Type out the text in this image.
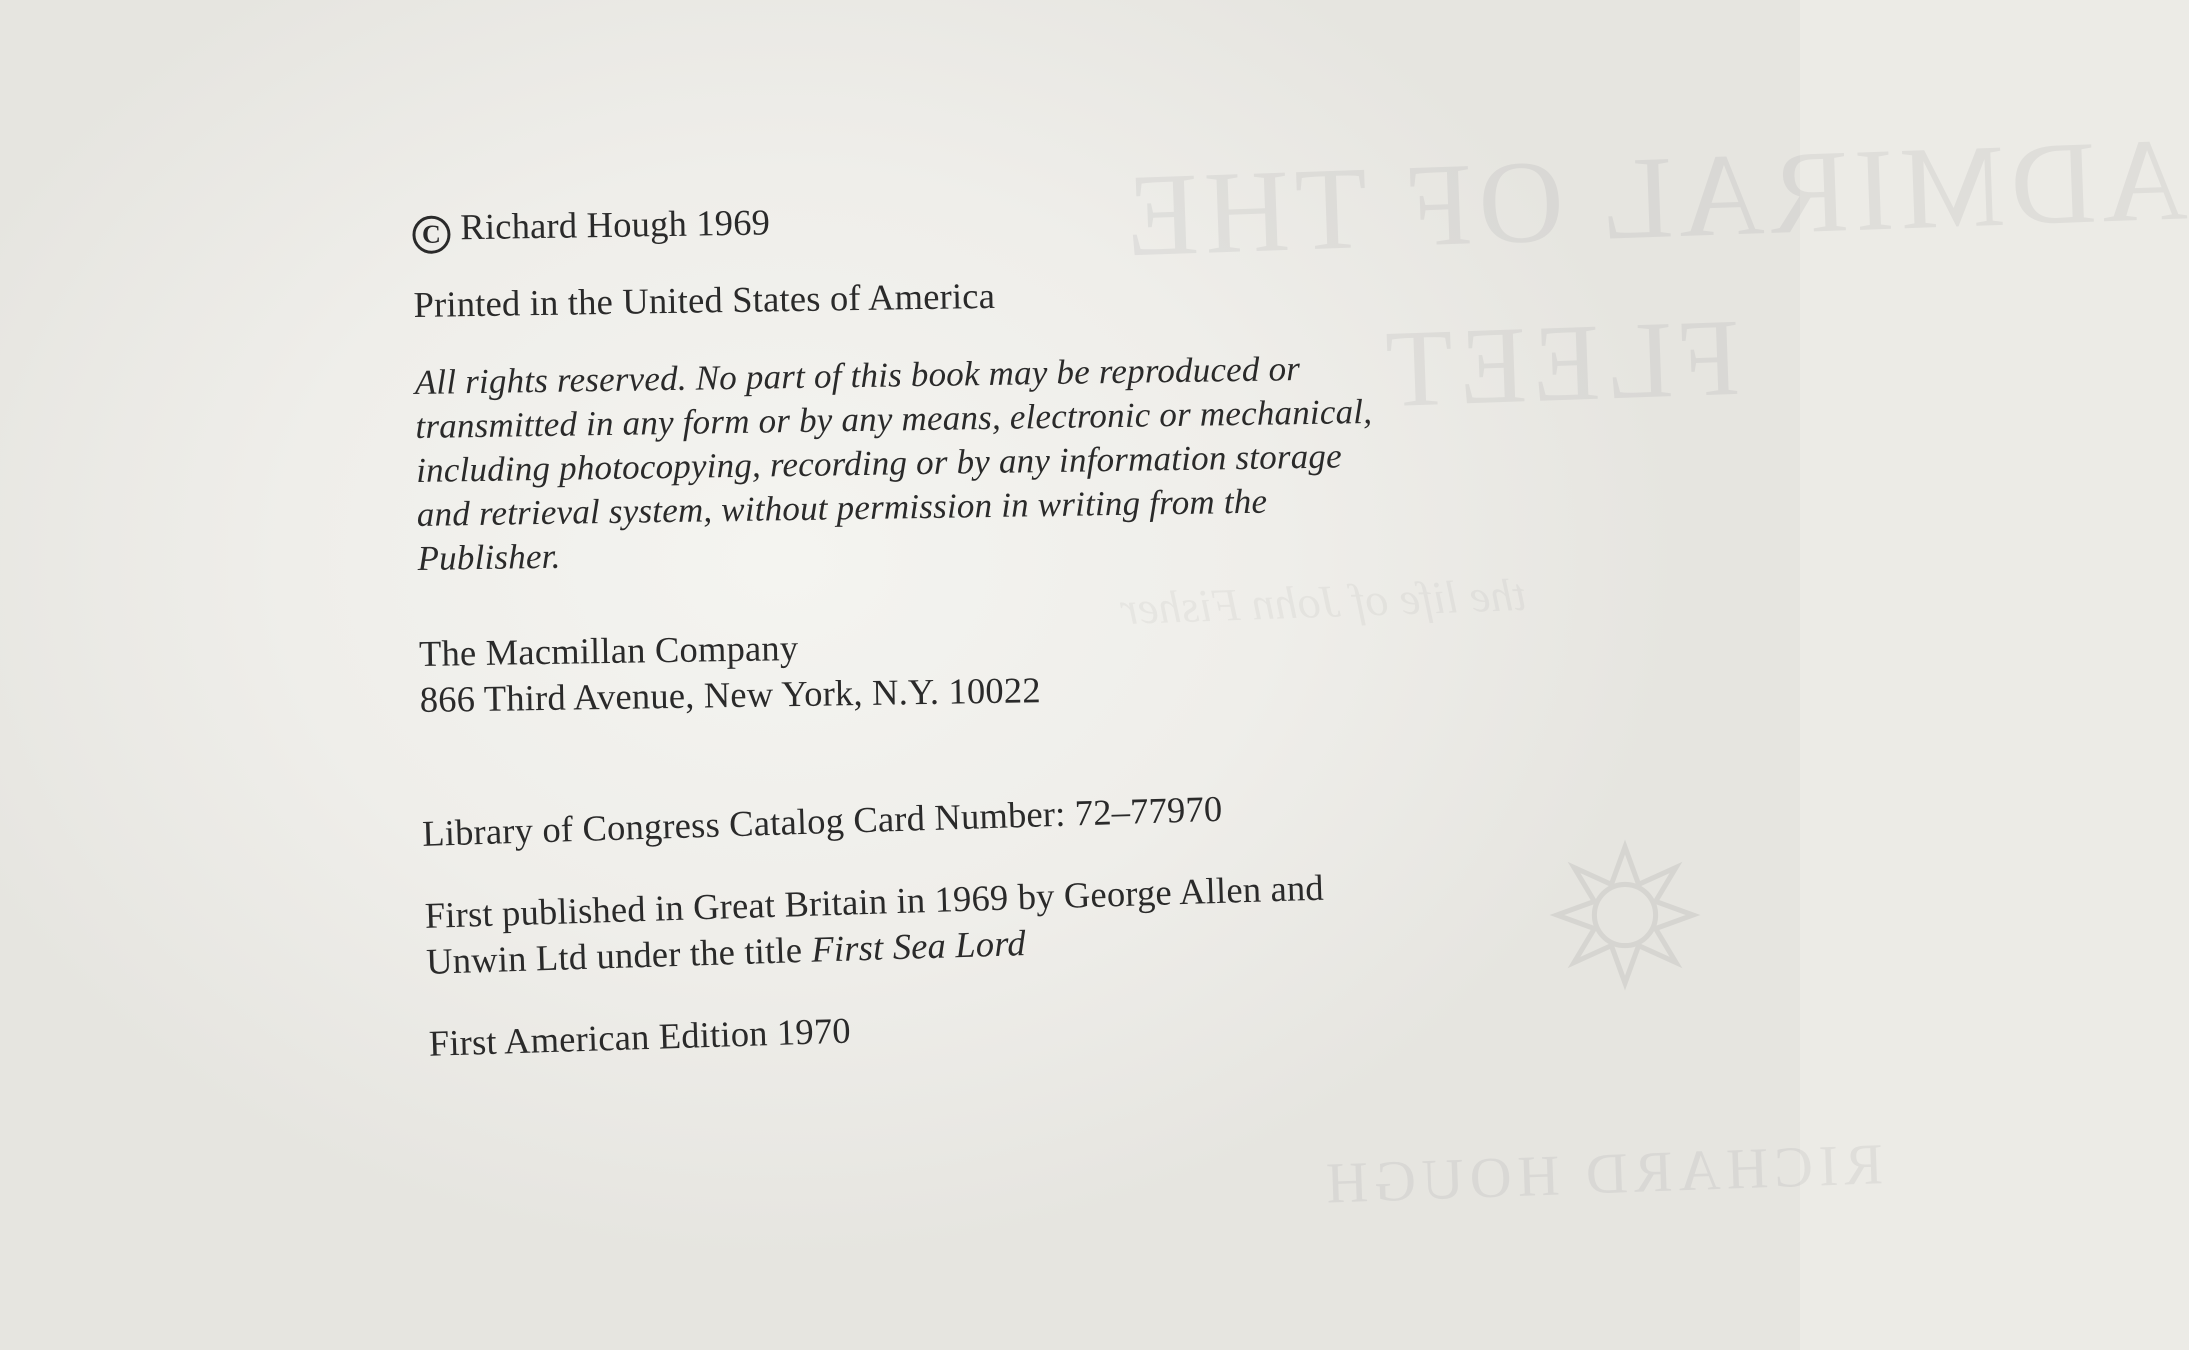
ADMIRAL
C Richard Hough 1969
Printed in the United States of America
All rights reserved. No part of this book may be reproduced or
transmitted in any form or by any means, electronic or mechanical,
including photocopying, recording or by any information storage
and retrieval system, without permission in writing from the
Publisher.
The Macmillan Company
866 Third Avenue, New York, N.Y. 10022
Library of Congress Catalog Card Number: 72–77970
First published in Great Britain in 1969 by George Allen and
Unwin Ltd under the title First Sea Lord
First American Edition 1970
